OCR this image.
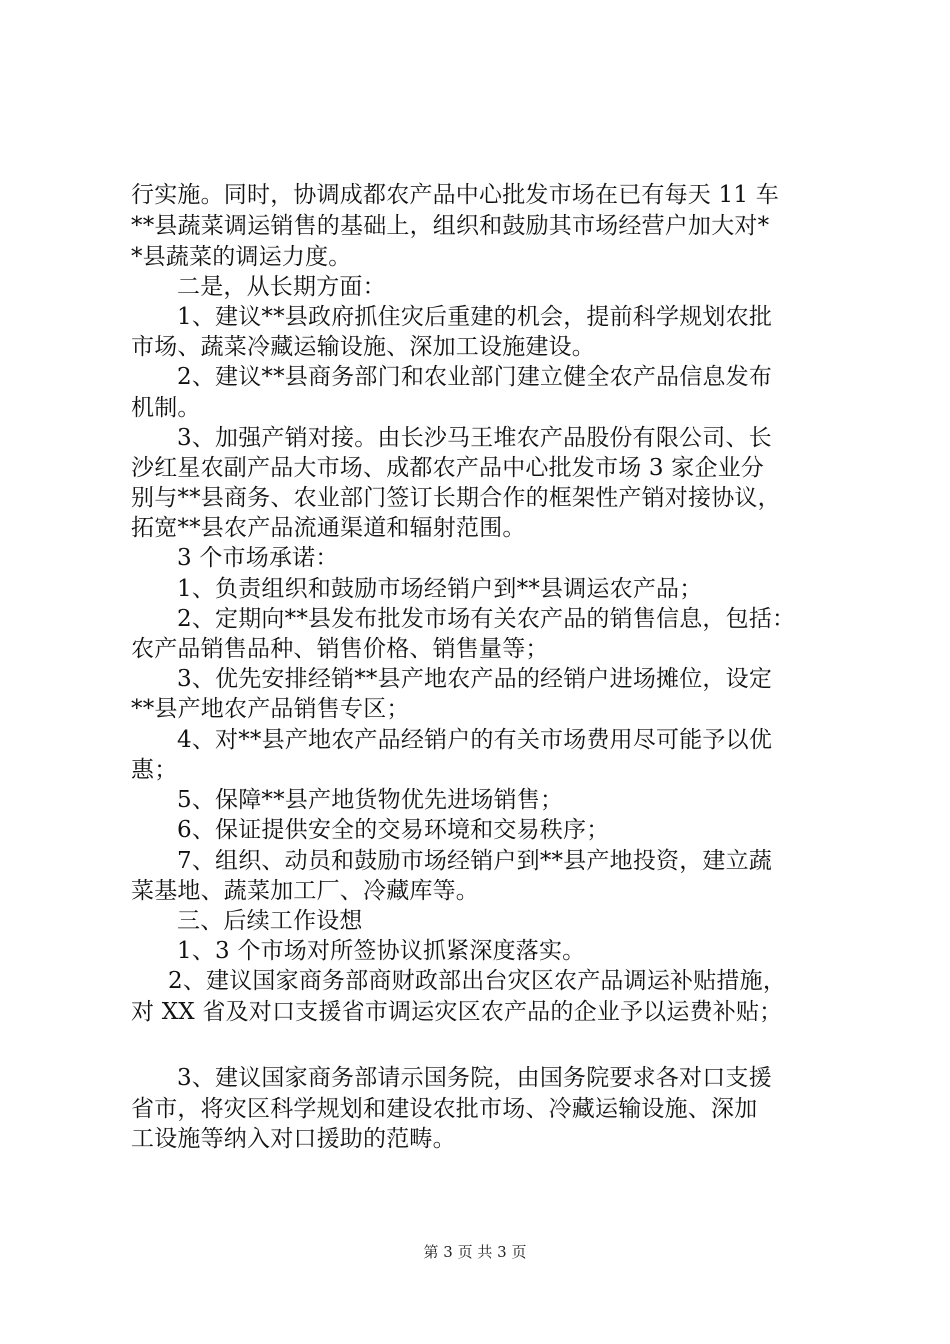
行实施。同时，协调成都农产品中心批发市场在已有每天 11 车
**县蔬菜调运销售的基础上，组织和鼓励其市场经营户加大对*
*县蔬菜的调运力度。
二是，从长期方面：
1、建议**县政府抓住灾后重建的机会，提前科学规划农批
市场、蔬菜冷藏运输设施、深加工设施建设。
2、建议**县商务部门和农业部门建立健全农产品信息发布
机制。
3、加强产销对接。由长沙马王堆农产品股份有限公司、长
沙红星农副产品大市场、成都农产品中心批发市场 3 家企业分
别与**县商务、农业部门签订长期合作的框架性产销对接协议，
拓宽**县农产品流通渠道和辐射范围。
3 个市场承诺：
1、负责组织和鼓励市场经销户到**县调运农产品；
2、定期向**县发布批发市场有关农产品的销售信息，包括：
农产品销售品种、销售价格、销售量等；
3、优先安排经销**县产地农产品的经销户进场摊位，设定
**县产地农产品销售专区；
4、对**县产地农产品经销户的有关市场费用尽可能予以优
惠；
5、保障**县产地货物优先进场销售；
6、保证提供安全的交易环境和交易秩序；
7、组织、动员和鼓励市场经销户到**县产地投资，建立蔬
菜基地、蔬菜加工厂、冷藏库等。
三、后续工作设想
1、3 个市场对所签协议抓紧深度落实。
2、建议国家商务部商财政部出台灾区农产品调运补贴措施，
对 XX 省及对口支援省市调运灾区农产品的企业予以运费补贴；
3、建议国家商务部请示国务院，由国务院要求各对口支援
省市，将灾区科学规划和建设农批市场、冷藏运输设施、深加
工设施等纳入对口援助的范畴。
第 3 页 共 3 页
